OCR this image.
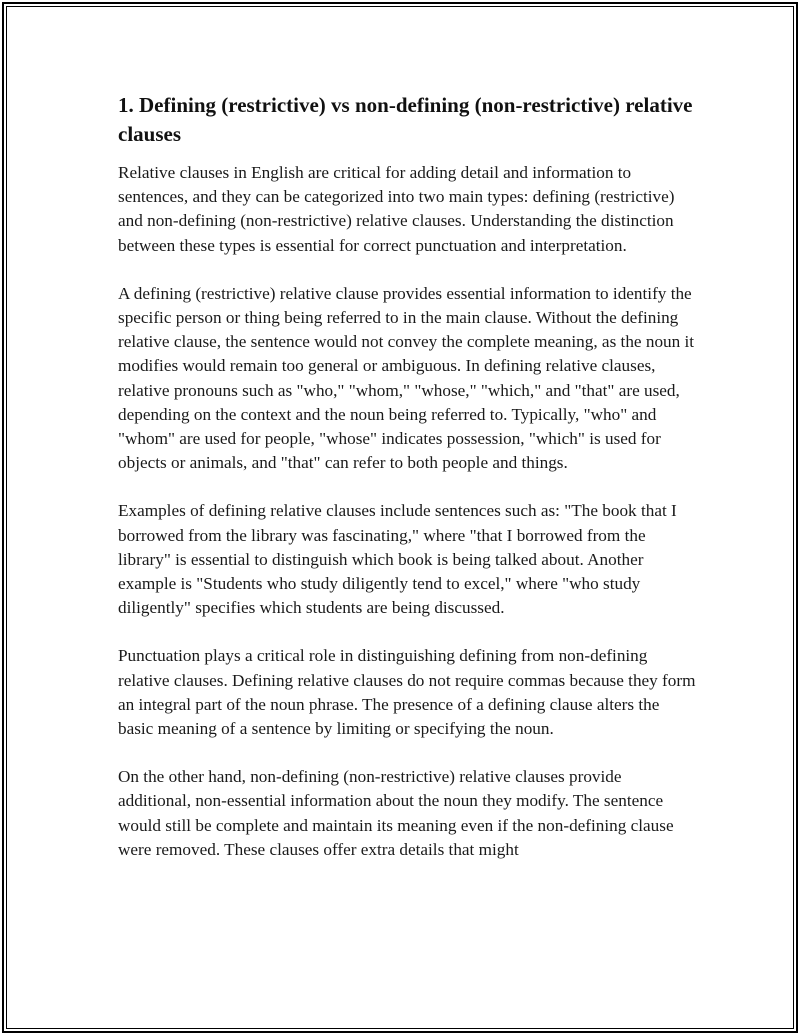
1. Defining (restrictive) vs non-defining (non-restrictive) relative clauses

Relative clauses in English are critical for adding detail and information to sentences, and they can be categorized into two main types: defining (restrictive) and non-defining (non-restrictive) relative clauses. Understanding the distinction between these types is essential for correct punctuation and interpretation.

A defining (restrictive) relative clause provides essential information to identify the specific person or thing being referred to in the main clause. Without the defining relative clause, the sentence would not convey the complete meaning, as the noun it modifies would remain too general or ambiguous. In defining relative clauses, relative pronouns such as "who," "whom," "whose," "which," and "that" are used, depending on the context and the noun being referred to. Typically, "who" and "whom" are used for people, "whose" indicates possession, "which" is used for objects or animals, and "that" can refer to both people and things.

Examples of defining relative clauses include sentences such as: "The book that I borrowed from the library was fascinating," where "that I borrowed from the library" is essential to distinguish which book is being talked about. Another example is "Students who study diligently tend to excel," where "who study diligently" specifies which students are being discussed.

Punctuation plays a critical role in distinguishing defining from non-defining relative clauses. Defining relative clauses do not require commas because they form an integral part of the noun phrase. The presence of a defining clause alters the basic meaning of a sentence by limiting or specifying the noun.

On the other hand, non-defining (non-restrictive) relative clauses provide additional, non-essential information about the noun they modify. The sentence would still be complete and maintain its meaning even if the non-defining clause were removed. These clauses offer extra details that might
